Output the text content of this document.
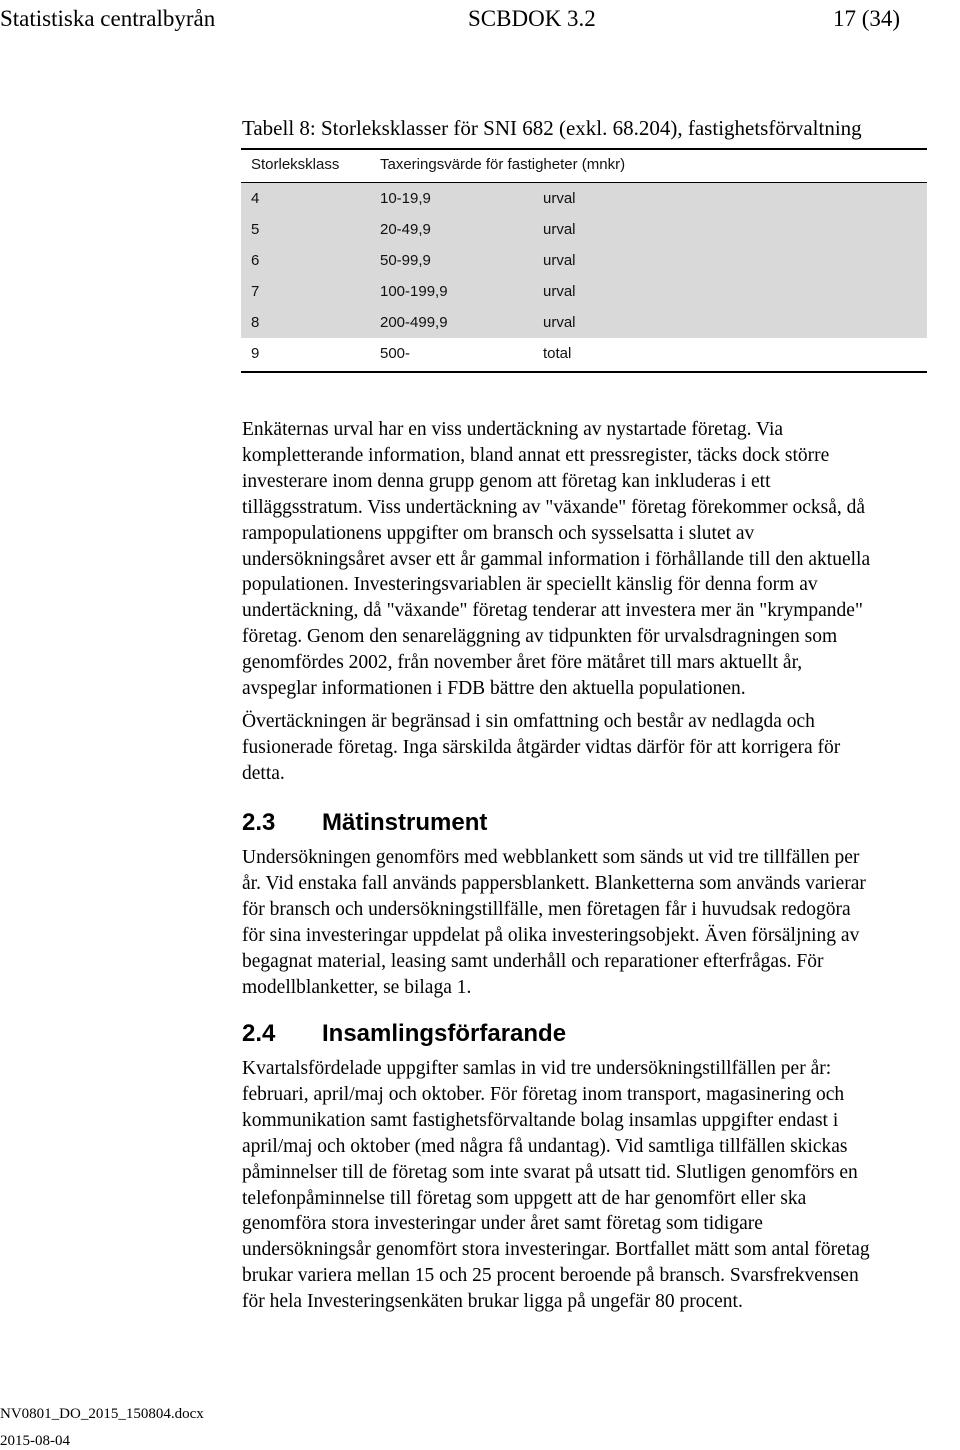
Statistiska centralbyrån	SCBDOK 3.2	17 (34)
Tabell 8: Storleksklasser för SNI 682 (exkl. 68.204), fastighetsförvaltning
Storleksklass	Taxeringsvärde för fastigheter (mnkr)
4	10-19,9	urval
5	20-49,9	urval
6	50-99,9	urval
7	100-199,9	urval
8	200-499,9	urval
9	500-	total
Enkäternas urval har en viss undertäckning av nystartade företag. Via
kompletterande information, bland annat ett pressregister, täcks dock större
investerare inom denna grupp genom att företag kan inkluderas i ett
tilläggsstratum. Viss undertäckning av "växande" företag förekommer också, då
rampopulationens uppgifter om bransch och sysselsatta i slutet av
undersökningsåret avser ett år gammal information i förhållande till den aktuella
populationen. Investeringsvariablen är speciellt känslig för denna form av
undertäckning, då "växande" företag tenderar att investera mer än "krympande"
företag. Genom den senareläggning av tidpunkten för urvalsdragningen som
genomfördes 2002, från november året före mätåret till mars aktuellt år,
avspeglar informationen i FDB bättre den aktuella populationen.
Övertäckningen är begränsad i sin omfattning och består av nedlagda och
fusionerade företag. Inga särskilda åtgärder vidtas därför för att korrigera för
detta.
2.3 Mätinstrument
Undersökningen genomförs med webblankett som sänds ut vid tre tillfällen per
år. Vid enstaka fall används pappersblankett. Blanketterna som används varierar
för bransch och undersökningstillfälle, men företagen får i huvudsak redogöra
för sina investeringar uppdelat på olika investeringsobjekt. Även försäljning av
begagnat material, leasing samt underhåll och reparationer efterfrågas. För
modellblanketter, se bilaga 1.
2.4 Insamlingsförfarande
Kvartalsfördelade uppgifter samlas in vid tre undersökningstillfällen per år:
februari, april/maj och oktober. För företag inom transport, magasinering och
kommunikation samt fastighetsförvaltande bolag insamlas uppgifter endast i
april/maj och oktober (med några få undantag). Vid samtliga tillfällen skickas
påminnelser till de företag som inte svarat på utsatt tid. Slutligen genomförs en
telefonpåminnelse till företag som uppgett att de har genomfört eller ska
genomföra stora investeringar under året samt företag som tidigare
undersökningsår genomfört stora investeringar. Bortfallet mätt som antal företag
brukar variera mellan 15 och 25 procent beroende på bransch. Svarsfrekvensen
för hela Investeringsenkäten brukar ligga på ungefär 80 procent.
NV0801_DO_2015_150804.docx
2015-08-04
